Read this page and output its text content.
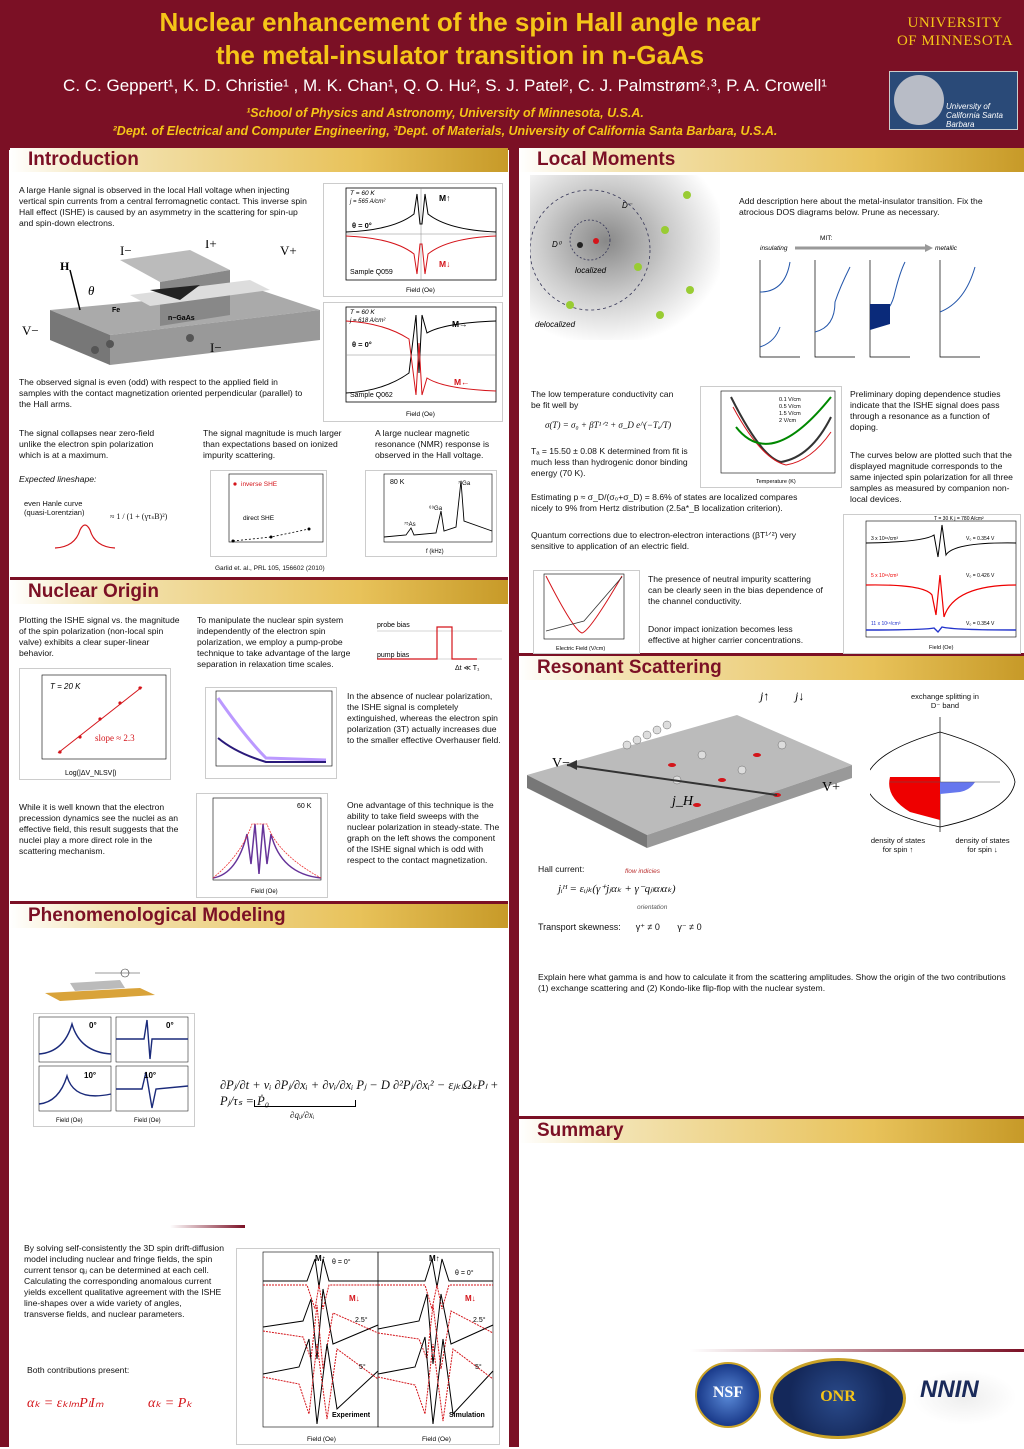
Nuclear enhancement of the spin Hall angle near
the metal-insulator transition in n-GaAs
C. C. Geppert¹, K. D. Christie¹ , M. K. Chan¹, Q. O. Hu², S. J. Patel², C. J. Palmstrøm²˒³, P. A. Crowell¹
¹School of Physics and Astronomy, University of Minnesota, U.S.A.
²Dept. of Electrical and Computer Engineering, ³Dept. of Materials, University of California Santa Barbara, U.S.A.
UNIVERSITY
OF MINNESOTA
University of California Santa Barbara
Introduction	Local Moments
Nuclear Origin
Resonant Scattering
Phenomenological Modeling
Summary
A large Hanle signal is observed in the local Hall voltage when injecting vertical spin currents from a central ferromagnetic contact. This inverse spin Hall effect (ISHE) is caused by an asymmetry in the scattering for spin-up and spin-down electrons.
H
θ
I−	I+	V+
V−
I−
Fe
n−GaAs
T = 60 K
j = 565 A/cm²
θ = 0°
M↑
M↓
Sample Q059
Field (Oe)
T = 60 K
j = 618 A/cm²
θ = 0°
M→
M←
Sample Q062
Field (Oe)
The observed signal is even (odd) with respect to the applied field in samples with the contact magnetization oriented perpendicular (parallel) to the Hall arms.
The signal collapses near zero-field unlike the electron spin polarization which is at a maximum.
Expected lineshape:
even Hanle curve (quasi-Lorentzian)	≈ 1 / (1 + (γτₛB)²)
The signal magnitude is much larger than expectations based on ionized impurity scattering.
inverse SHE
direct SHE
Garlid et. al., PRL 105, 156602 (2010)
A large nuclear magnetic resonance (NMR) response is observed in the Hall voltage.
80 K	⁷¹Ga
⁶⁹Ga
⁷⁵As
f (kHz)
localized
delocalized
D⁻
D⁰
Add description here about the metal-insulator transition. Fix the atrocious DOS diagrams below. Prune as necessary.
MIT:
insulating	metallic
The low temperature conductivity can be fit well by
σ(T) = σ₀ + βT¹ᐟ² + σ_D e^(−Tₐ/T)
Tₐ = 15.50 ± 0.08 K determined from fit is much less than hydrogenic donor binding energy (70 K).
0.1 V/cm
0.5 V/cm
1.5 V/cm
2 V/cm
Temperature (K)
Estimating p ≈ σ_D/(σ₀+σ_D) = 8.6% of states are localized compares nicely to 9% from Hertz distribution (2.5a*_B localization criterion).
Quantum corrections due to electron-electron interactions (βT¹ᐟ²) very sensitive to application of an electric field.
Electric Field (V/cm)
The presence of neutral impurity scattering can be clearly seen in the bias dependence of the channel conductivity.
Donor impact ionization becomes less effective at higher carrier concentrations.
Preliminary doping dependence studies indicate that the ISHE signal does pass through a resonance as a function of doping.
The curves below are plotted such that the displayed magnitude corresponds to the same injected spin polarization for all three samples as measured by companion non-local devices.
T = 30 K j = 780 A/cm²
3 x 10¹⁶/cm³
5 x 10¹⁶/cm³
11 x 10¹⁶/cm³
V₀ = 0.354 V
V₀ = 0.426 V
V₀ = 0.354 V
Field (Oe)
Plotting the ISHE signal vs. the magnitude of the spin polarization (non-local spin valve) exhibits a clear super-linear behavior.
T = 20 K
slope ≈ 2.3
Log(|ΔV_NLSV|)
To manipulate the nuclear spin system independently of the electron spin polarization, we employ a pump-probe technique to take advantage of the large separation in relaxation time scales.
probe bias
pump bias
Δt ≪ T₁
In the absence of nuclear polarization, the ISHE signal is completely extinguished, whereas the electron spin polarization (3T) actually increases due to the smaller effective Overhauser field.
While it is well known that the electron precession dynamics see the nuclei as an effective field, this result suggests that the nuclei play a more direct role in the scattering mechanism.
60 K
Field (Oe)
One advantage of this technique is the ability to take field sweeps with the nuclear polarization in steady-state. The graph on the left shows the component of the ISHE signal which is odd with respect to the contact magnetization.
V−
V+
j_H
j↑ j↓	exchange splitting in
D⁻ band
density of states for spin ↑
density of states for spin ↓
Hall current:	flow indicies
jᵢᴴ = εᵢⱼₖ(γ⁺jⱼαₖ + γ⁻qⱼₗαₗαₖ)
orientation
Transport skewness:      γ⁺ ≠ 0       γ⁻ ≠ 0
Explain here what gamma is and how to calculate it from the scattering amplitudes. Show the origin of the two contributions (1) exchange scattering and (2) Kondo-like flip-flop with the nuclear system.
0°	0°
10°	10°
Field (Oe)	Field (Oe)
∂Pⱼ/∂t + vᵢ ∂Pⱼ/∂xᵢ + ∂vᵢ/∂xᵢ Pⱼ − D ∂²Pⱼ/∂xᵢ² − εⱼₖₗΩₖPₗ + Pⱼ/τₛ = Ṗ₀
∂qᵢⱼ/∂xᵢ
By solving self-consistently the 3D spin drift-diffusion model including nuclear and fringe fields, the spin current tensor qᵢⱼ can be determined at each cell. Calculating the corresponding anomalous current yields excellent qualitative agreement with the ISHE line-shapes over a wide variety of angles, transverse fields, and nuclear parameters.
Both contributions present:
αₖ = εₖₗₘPₗIₘ	αₖ = Pₖ
θ = 0°
θ = 0°
2.5°	2.5°
5°	5°
M↑	M↑
M↓	M↓
Experiment	Simulation
Field (Oe)	Field (Oe)
NSF	ONR	NNIN
